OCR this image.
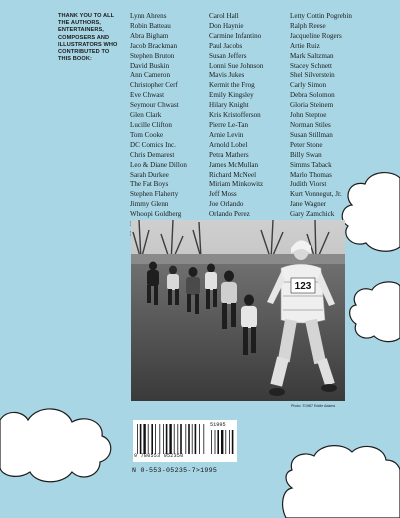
THANK YOU TO ALL THE AUTHORS, ENTERTAINERS, COMPOSERS AND ILLUSTRATORS WHO CONTRIBUTED TO THIS BOOK:
Lynn Ahrens
Robin Batteau
Abra Bigham
Jacob Brackman
Stephen Bruton
David Buskin
Ann Cameron
Christopher Cerf
Eve Chwast
Seymour Chwast
Glen Clark
Lucille Clifton
Tom Cooke
DC Comics Inc.
Chris Demarest
Leo & Diane Dillon
Sarah Durkee
The Fat Boys
Stephen Flaherty
Jimmy Glenn
Whoopi Goldberg
Carol Hall
Don Haynie
Carmine Infantino
Paul Jacobs
Susan Jeffers
Lonni Sue Johnson
Mavis Jukes
Kermit the Frog
Emily Kingsley
Hilary Knight
Kris Kristofferson
Pierre Le-Tan
Arnie Levin
Arnold Lobel
Petra Mathers
James McMullan
Richard McNeel
Miriam Minkowitz
Jeff Moss
Joe Orlando
Orlando Perez
Letty Cottin Pogrebin
Ralph Reese
Jacqueline Rogers
Artie Ruiz
Mark Saltzman
Stacey Schnett
Shel Silverstein
Carly Simon
Debra Solomon
Gloria Steinem
John Steptoe
Norman Stiles
Susan Stillman
Peter Stone
Billy Swan
Simms Taback
Marlo Thomas
Judith Viorst
Kurt Vonnegut, Jr.
Jane Wagner
Gary Zamchick
123
Photo: ©1987 Eddie Adams
51995
9 780553 052350
N 0-553-05235-7>1995
